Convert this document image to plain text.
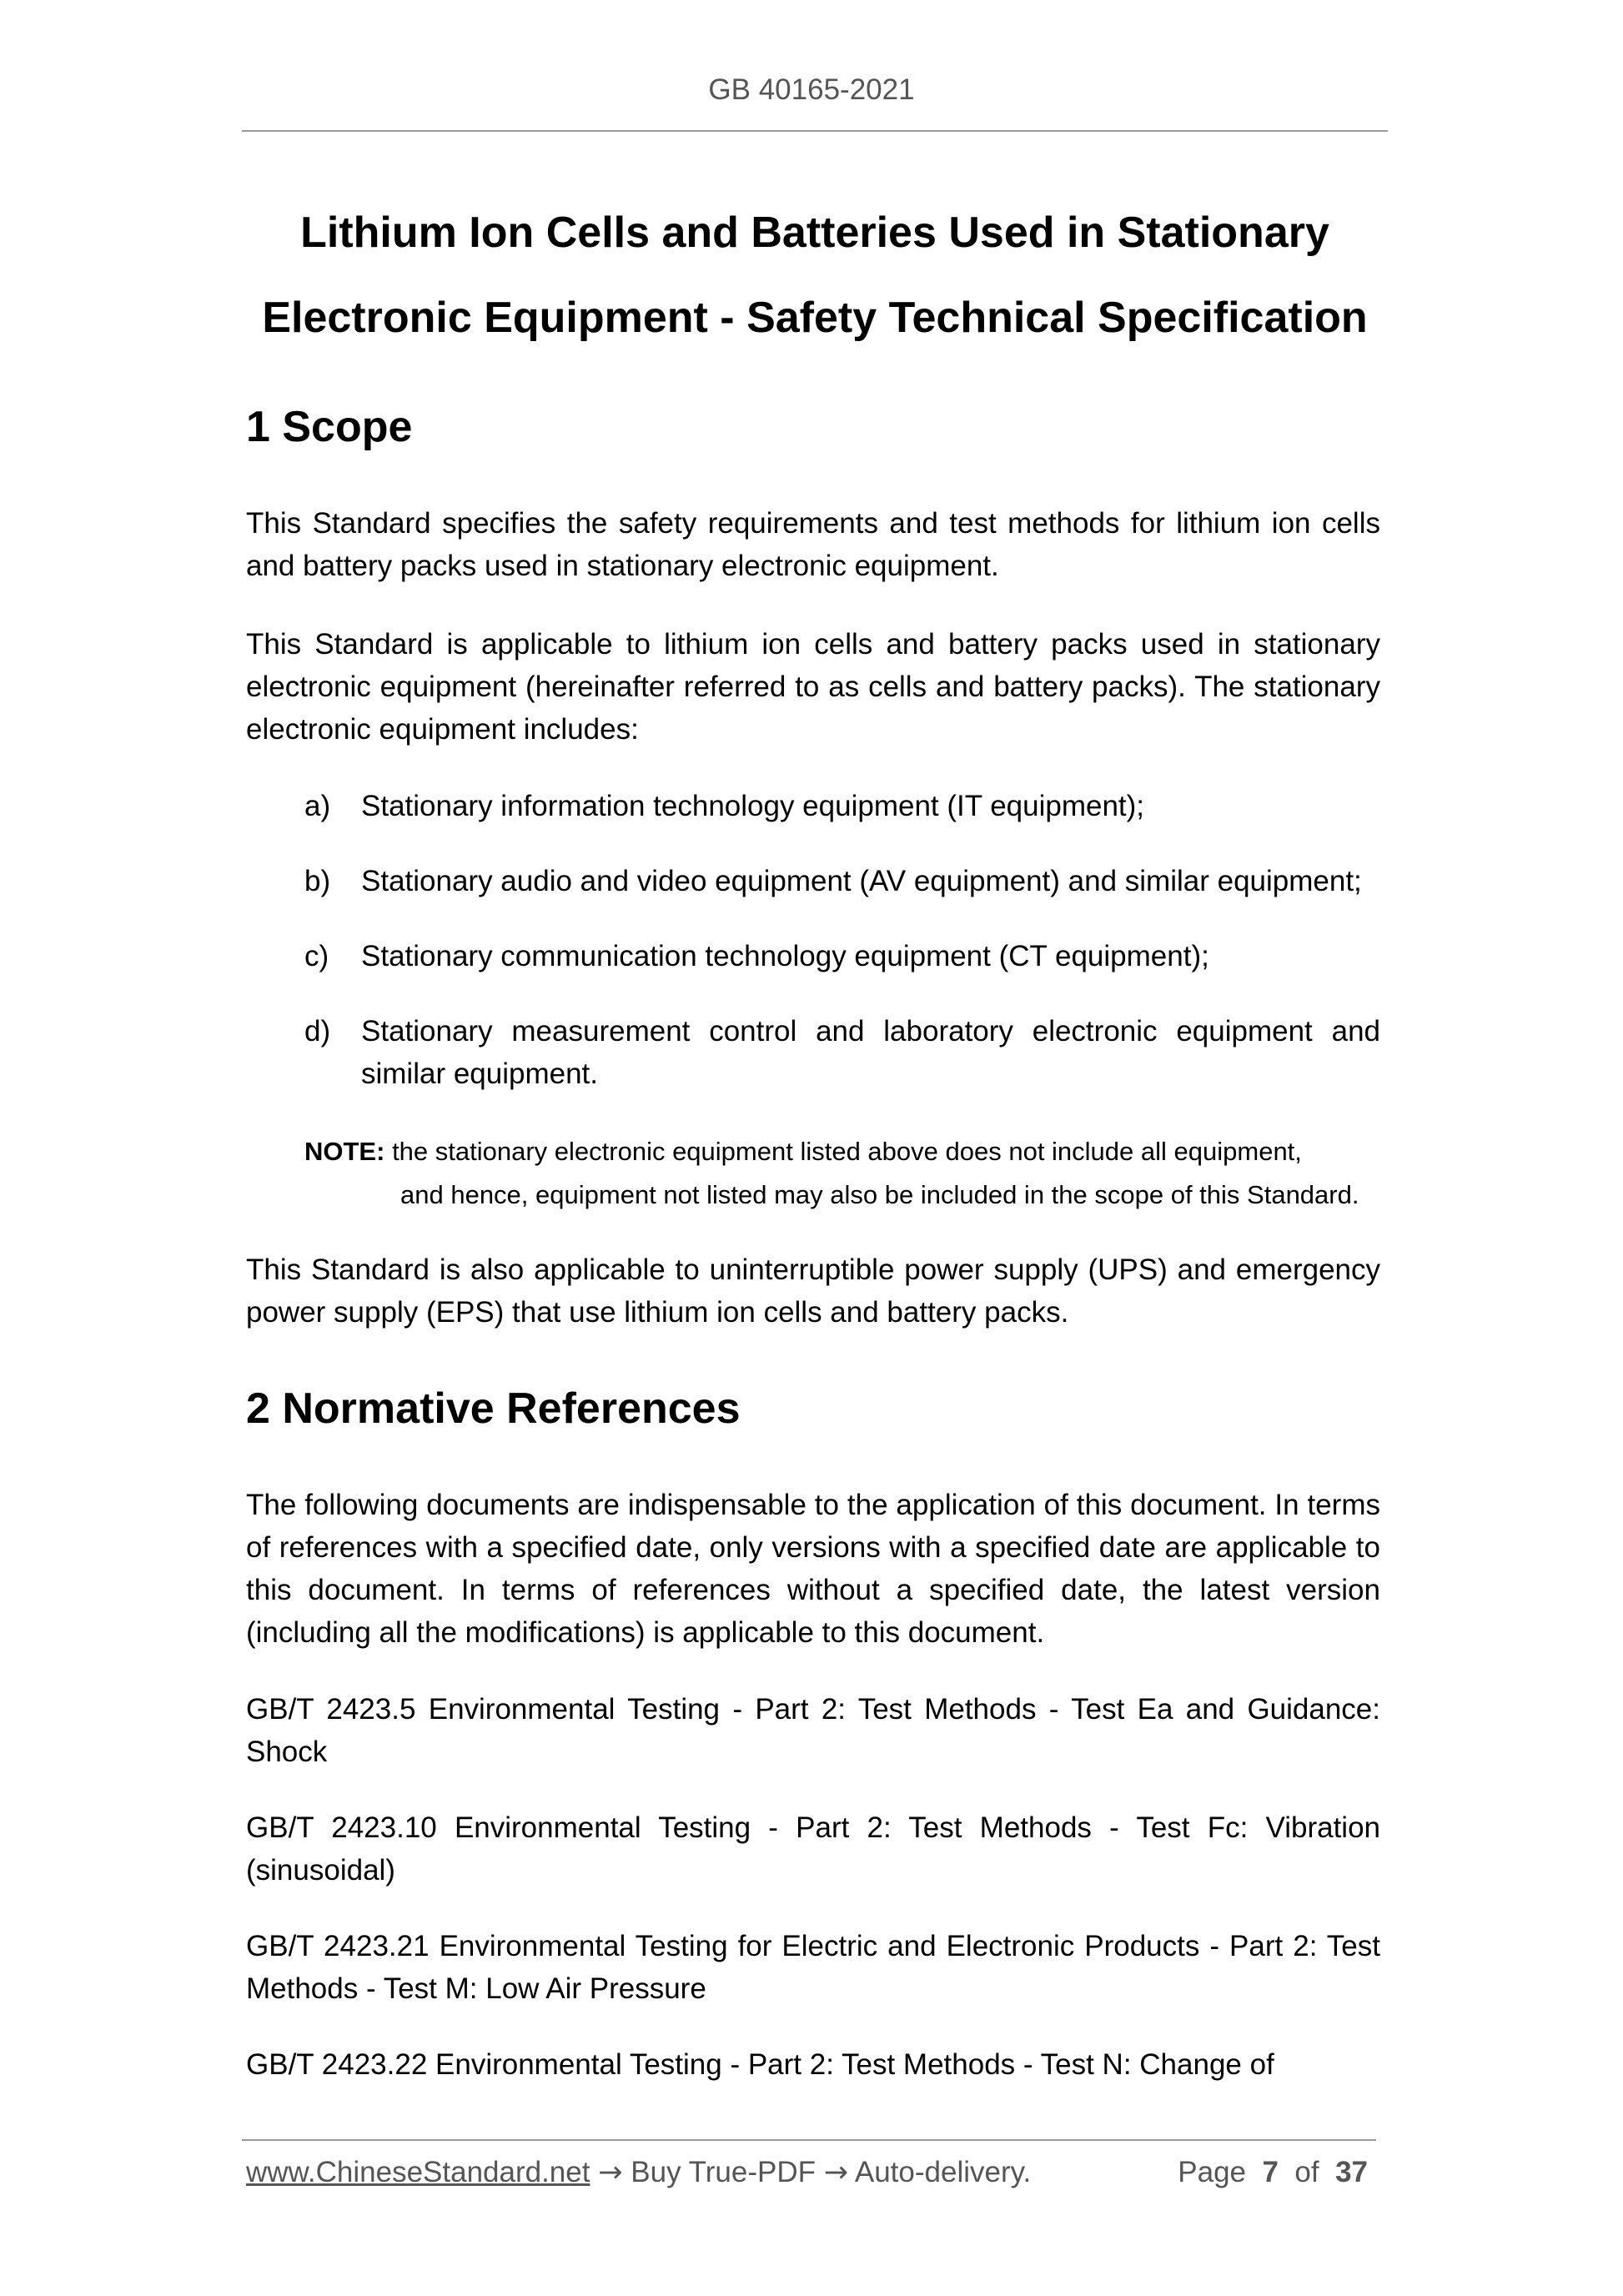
GB 40165-2021
Lithium Ion Cells and Batteries Used in Stationary
Electronic Equipment - Safety Technical Specification
1 Scope

This Standard specifies the safety requirements and test methods for lithium ion cells and battery packs used in stationary electronic equipment.

This Standard is applicable to lithium ion cells and battery packs used in stationary electronic equipment (hereinafter referred to as cells and battery packs). The stationary electronic equipment includes:

a) Stationary information technology equipment (IT equipment);
b) Stationary audio and video equipment (AV equipment) and similar equipment;
c) Stationary communication technology equipment (CT equipment);
d) Stationary measurement control and laboratory electronic equipment and similar equipment.
NOTE: the stationary electronic equipment listed above does not include all equipment,
and hence, equipment not listed may also be included in the scope of this Standard.

This Standard is also applicable to uninterruptible power supply (UPS) and emergency power supply (EPS) that use lithium ion cells and battery packs.

2 Normative References

The following documents are indispensable to the application of this document. In terms of references with a specified date, only versions with a specified date are applicable to this document. In terms of references without a specified date, the latest version (including all the modifications) is applicable to this document.

GB/T 2423.5 Environmental Testing - Part 2: Test Methods - Test Ea and Guidance: Shock

GB/T 2423.10 Environmental Testing - Part 2: Test Methods - Test Fc: Vibration (sinusoidal)

GB/T 2423.21 Environmental Testing for Electric and Electronic Products - Part 2: Test Methods - Test M: Low Air Pressure

GB/T 2423.22 Environmental Testing - Part 2: Test Methods - Test N: Change of

www.ChineseStandard.net → Buy True-PDF → Auto-delivery.	Page 7 of 37
